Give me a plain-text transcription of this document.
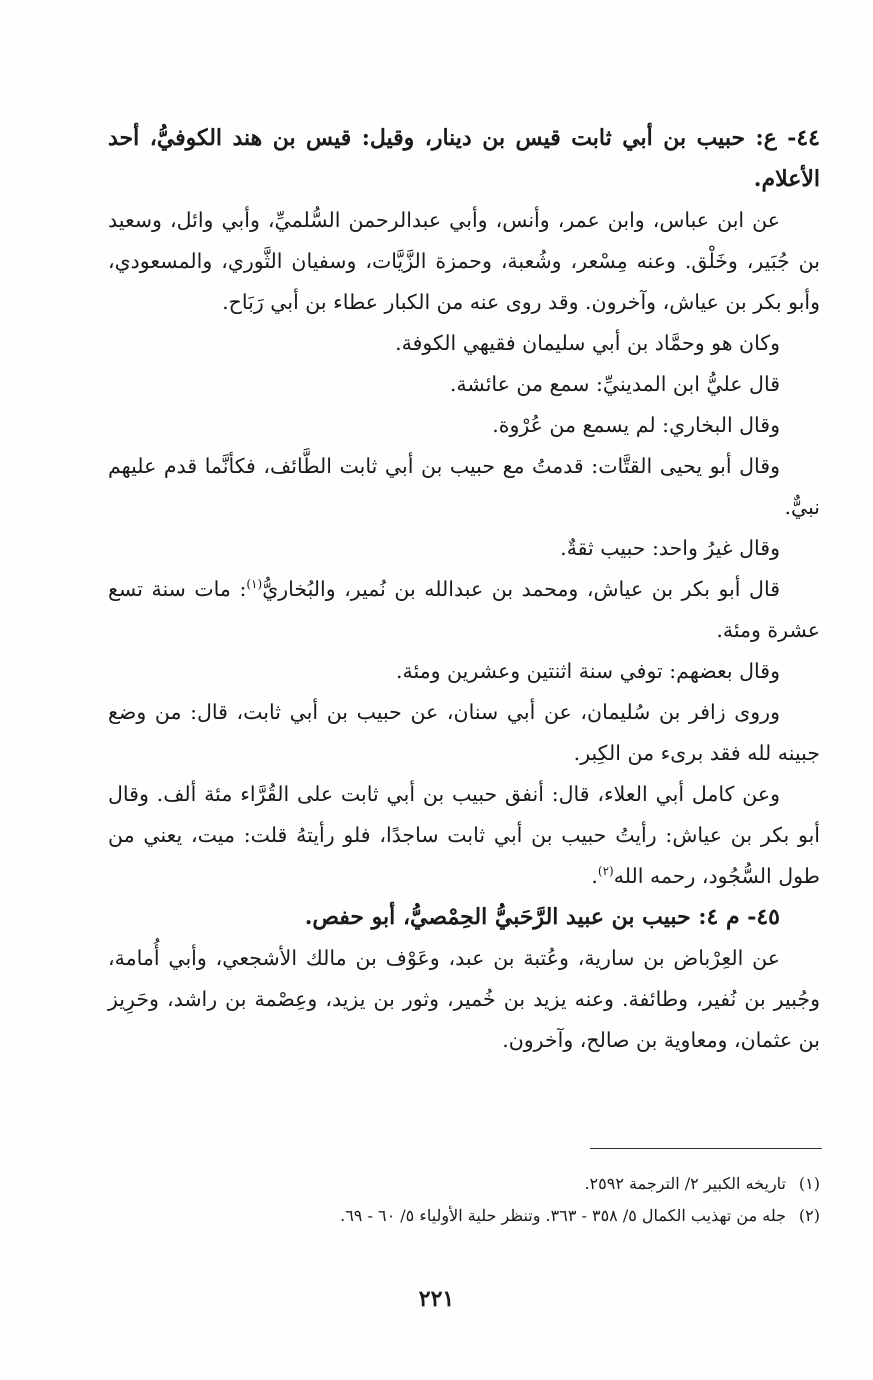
٤٤- ع: حبيب بن أبي ثابت قيس بن دينار، وقيل: قيس بن هند الكوفيُّ، أحد الأعلام.

عن ابن عباس، وابن عمر، وأنس، وأبي عبدالرحمن السُّلميِّ، وأبي وائل، وسعيد بن جُبَير، وخَلْق. وعنه مِسْعر، وشُعبة، وحمزة الزَّيَّات، وسفيان الثَّوري، والمسعودي، وأبو بكر بن عياش، وآخرون. وقد روى عنه من الكبار عطاء بن أبي رَبَاح.

وكان هو وحمَّاد بن أبي سليمان فقيهي الكوفة.

قال عليُّ ابن المدينيِّ: سمع من عائشة.

وقال البخاري: لم يسمع من عُرْوة.

وقال أبو يحيى القتَّات: قدمتُ مع حبيب بن أبي ثابت الطَّائف، فكأنَّما قدم عليهم نبيٌّ.

وقال غيرُ واحد: حبيب ثقةٌ.

قال أبو بكر بن عياش، ومحمد بن عبدالله بن نُمير، والبُخاريُّ$^{(١)}$: مات سنة تسع عشرة ومئة.

وقال بعضهم: توفي سنة اثنتين وعشرين ومئة.

وروى زافر بن سُليمان، عن أبي سنان، عن حبيب بن أبي ثابت، قال: من وضع جبينه لله فقد برىء من الكِبر.

وعن كامل أبي العلاء، قال: أنفق حبيب بن أبي ثابت على القُرَّاء مئة ألف. وقال أبو بكر بن عياش: رأيتُ حبيب بن أبي ثابت ساجدًا، فلو رأيتهُ قلت: ميت، يعني من طول السُّجُود، رحمه الله$^{(٢)}$.

٤٥- م ٤: حبيب بن عبيد الرَّحَبيُّ الحِمْصيُّ، أبو حفص.

عن العِرْباض بن سارية، وعُتبة بن عبد، وعَوْف بن مالك الأشجعي، وأبي أُمامة، وجُبير بن نُفير، وطائفة. وعنه يزيد بن خُمير، وثور بن يزيد، وعِصْمة بن راشد، وحَرِيز بن عثمان، ومعاوية بن صالح، وآخرون.

(١)تاريخه الكبير ٢/ الترجمة ٢٥٩٢.

(٢)جله من تهذيب الكمال ٥/ ٣٥٨ - ٣٦٣. وتنظر حلية الأولياء ٥/ ٦٠ - ٦٩.

٢٢١
